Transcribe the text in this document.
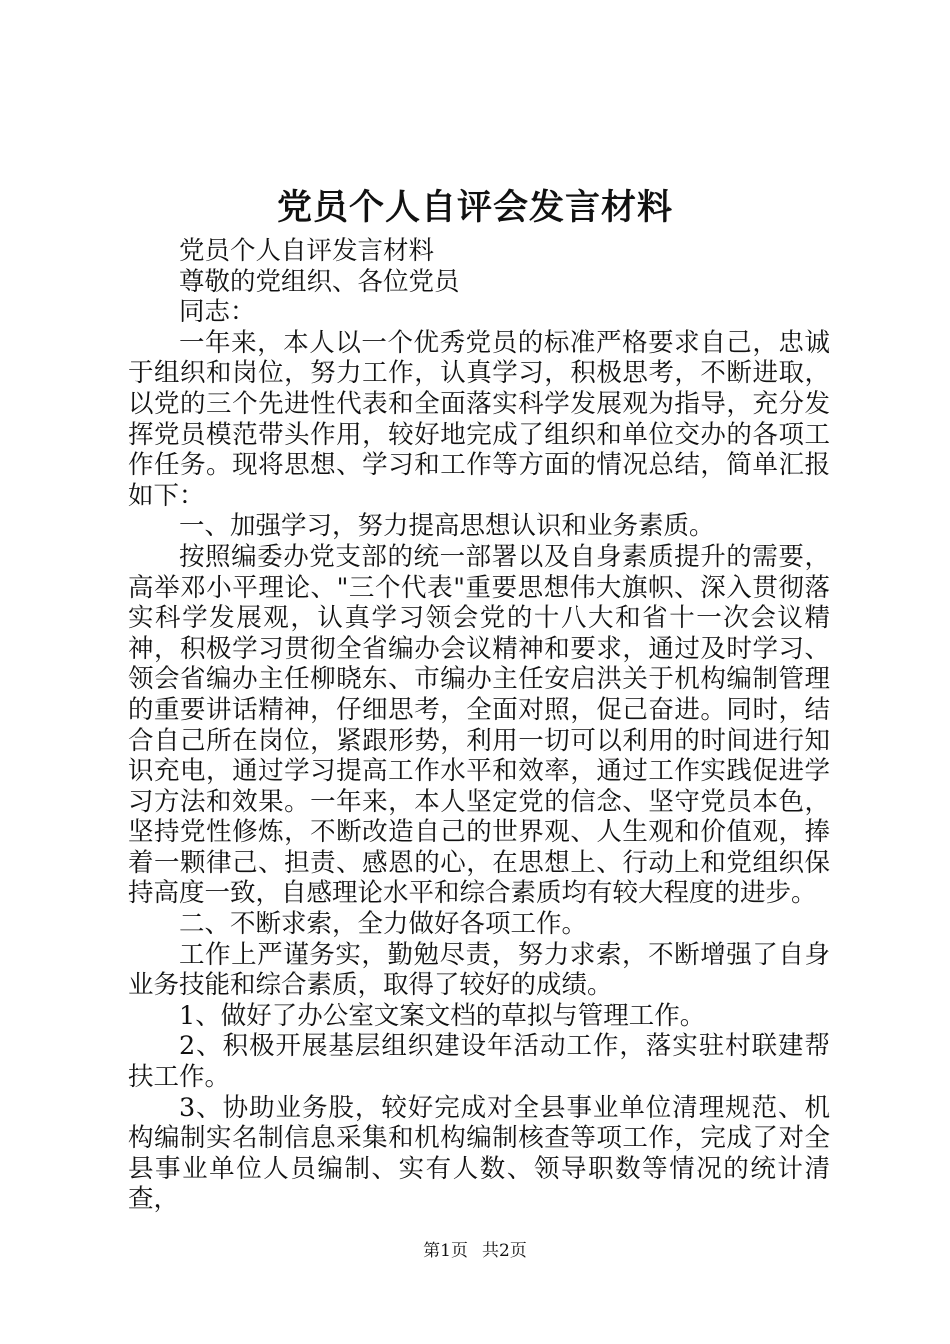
党员个人自评会发言材料

党员个人自评发言材料

尊敬的党组织、各位党员

同志：

一年来，本人以一个优秀党员的标准严格要求自己，忠诚于组织和岗位，努力工作，认真学习，积极思考，不断进取，以党的三个先进性代表和全面落实科学发展观为指导，充分发挥党员模范带头作用，较好地完成了组织和单位交办的各项工作任务。现将思想、学习和工作等方面的情况总结，简单汇报如下：

一、加强学习，努力提高思想认识和业务素质。

按照编委办党支部的统一部署以及自身素质提升的需要，高举邓小平理论、"三个代表"重要思想伟大旗帜、深入贯彻落实科学发展观，认真学习领会党的十八大和省十一次会议精神，积极学习贯彻全省编办会议精神和要求，通过及时学习、领会省编办主任柳晓东、市编办主任安启洪关于机构编制管理的重要讲话精神，仔细思考，全面对照，促己奋进。同时，结合自己所在岗位，紧跟形势，利用一切可以利用的时间进行知识充电，通过学习提高工作水平和效率，通过工作实践促进学习方法和效果。一年来，本人坚定党的信念、坚守党员本色，坚持党性修炼，不断改造自己的世界观、人生观和价值观，捧着一颗律己、担责、感恩的心，在思想上、行动上和党组织保持高度一致，自感理论水平和综合素质均有较大程度的进步。

二、不断求索，全力做好各项工作。

工作上严谨务实，勤勉尽责，努力求索，不断增强了自身业务技能和综合素质，取得了较好的成绩。

1、做好了办公室文案文档的草拟与管理工作。

2、积极开展基层组织建设年活动工作，落实驻村联建帮扶工作。

3、协助业务股，较好完成对全县事业单位清理规范、机构编制实名制信息采集和机构编制核查等项工作，完成了对全县事业单位人员编制、实有人数、领导职数等情况的统计清查，

第1页 共2页
